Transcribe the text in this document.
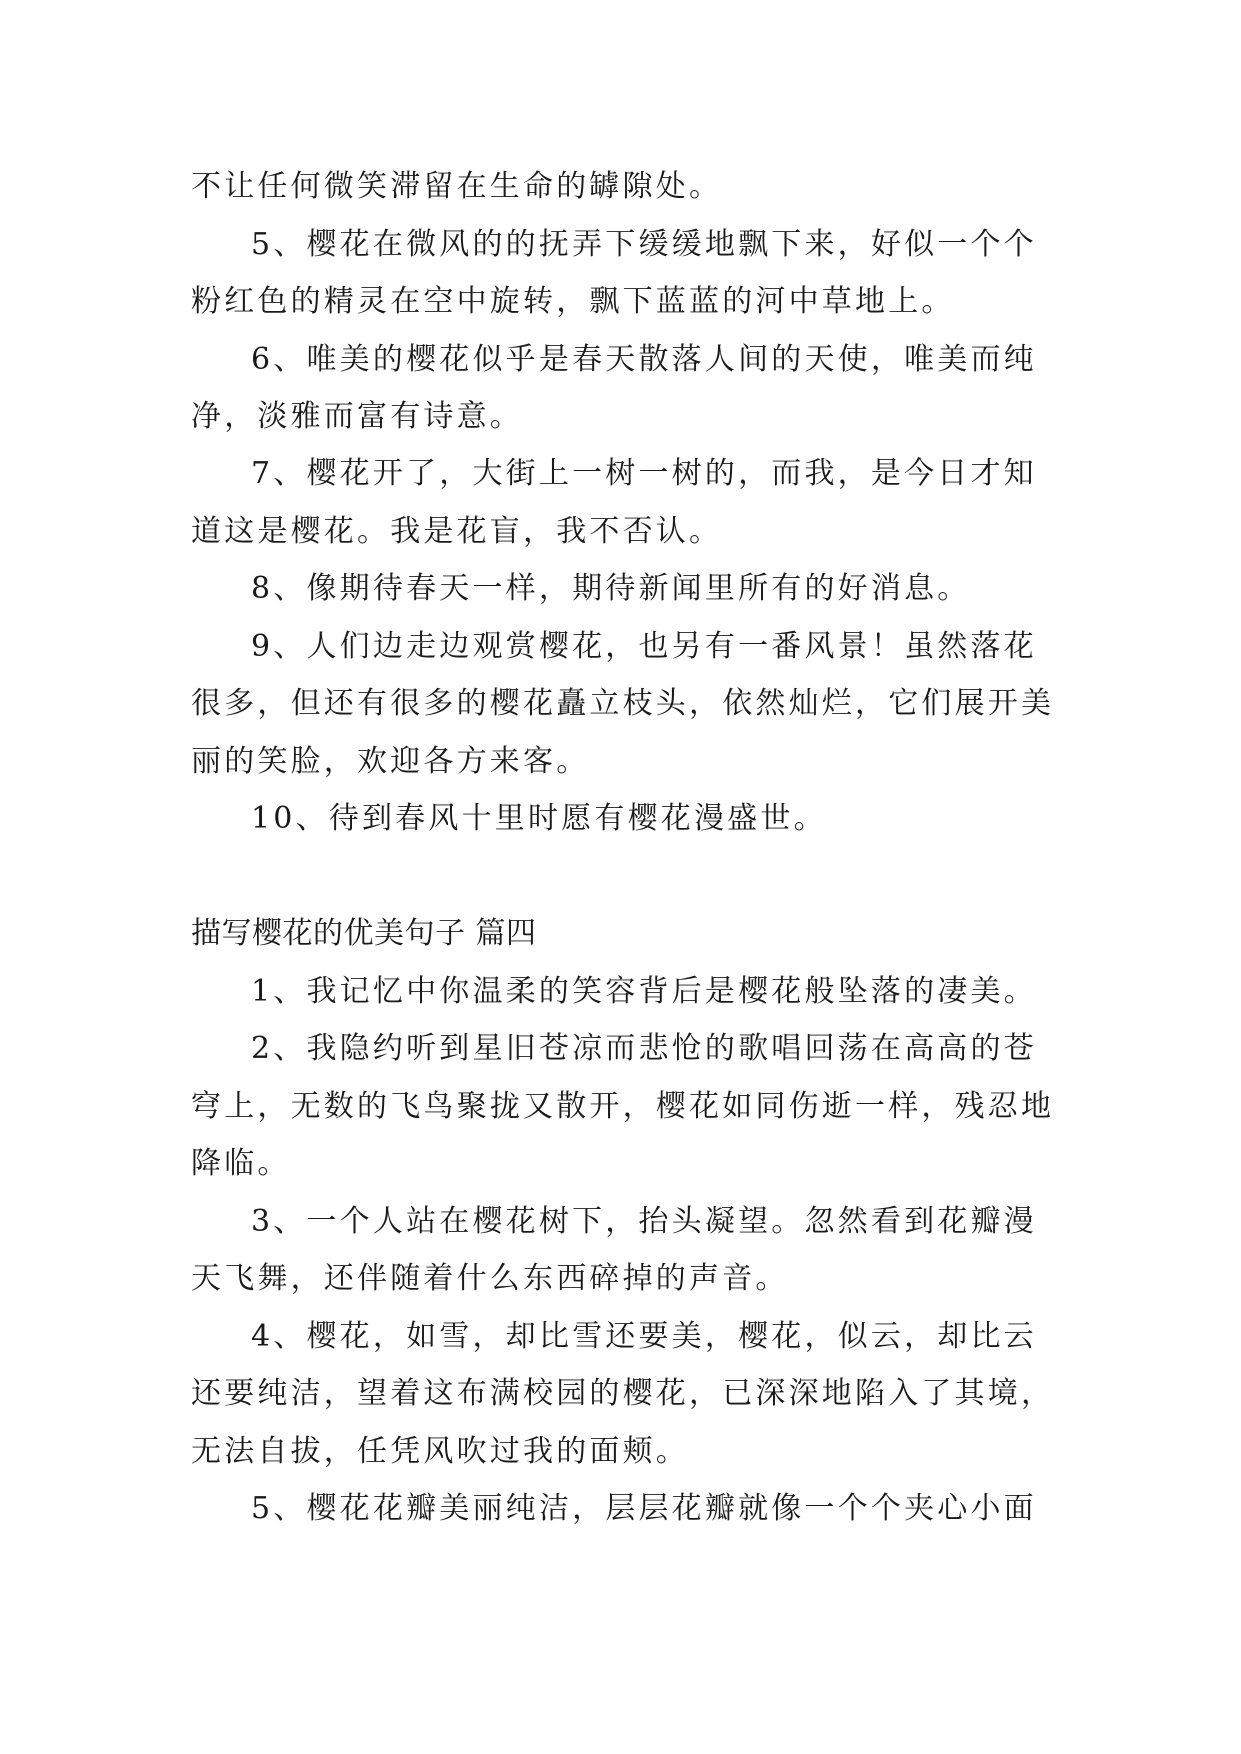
不让任何微笑滞留在生命的罅隙处。
5、樱花在微风的的抚弄下缓缓地飘下来，好似一个个
粉红色的精灵在空中旋转，飘下蓝蓝的河中草地上。
6、唯美的樱花似乎是春天散落人间的天使，唯美而纯
净，淡雅而富有诗意。
7、樱花开了，大街上一树一树的，而我，是今日才知
道这是樱花。我是花盲，我不否认。
8、像期待春天一样，期待新闻里所有的好消息。
9、人们边走边观赏樱花，也另有一番风景！虽然落花
很多，但还有很多的樱花矗立枝头，依然灿烂，它们展开美
丽的笑脸，欢迎各方来客。
10、待到春风十里时愿有樱花漫盛世。
描写樱花的优美句子 篇四
1、我记忆中你温柔的笑容背后是樱花般坠落的凄美。
2、我隐约听到星旧苍凉而悲怆的歌唱回荡在高高的苍
穹上，无数的飞鸟聚拢又散开，樱花如同伤逝一样，残忍地
降临。
3、一个人站在樱花树下，抬头凝望。忽然看到花瓣漫
天飞舞，还伴随着什么东西碎掉的声音。
4、樱花，如雪，却比雪还要美，樱花，似云，却比云
还要纯洁，望着这布满校园的樱花，已深深地陷入了其境，
无法自拔，任凭风吹过我的面颊。
5、樱花花瓣美丽纯洁，层层花瓣就像一个个夹心小面
